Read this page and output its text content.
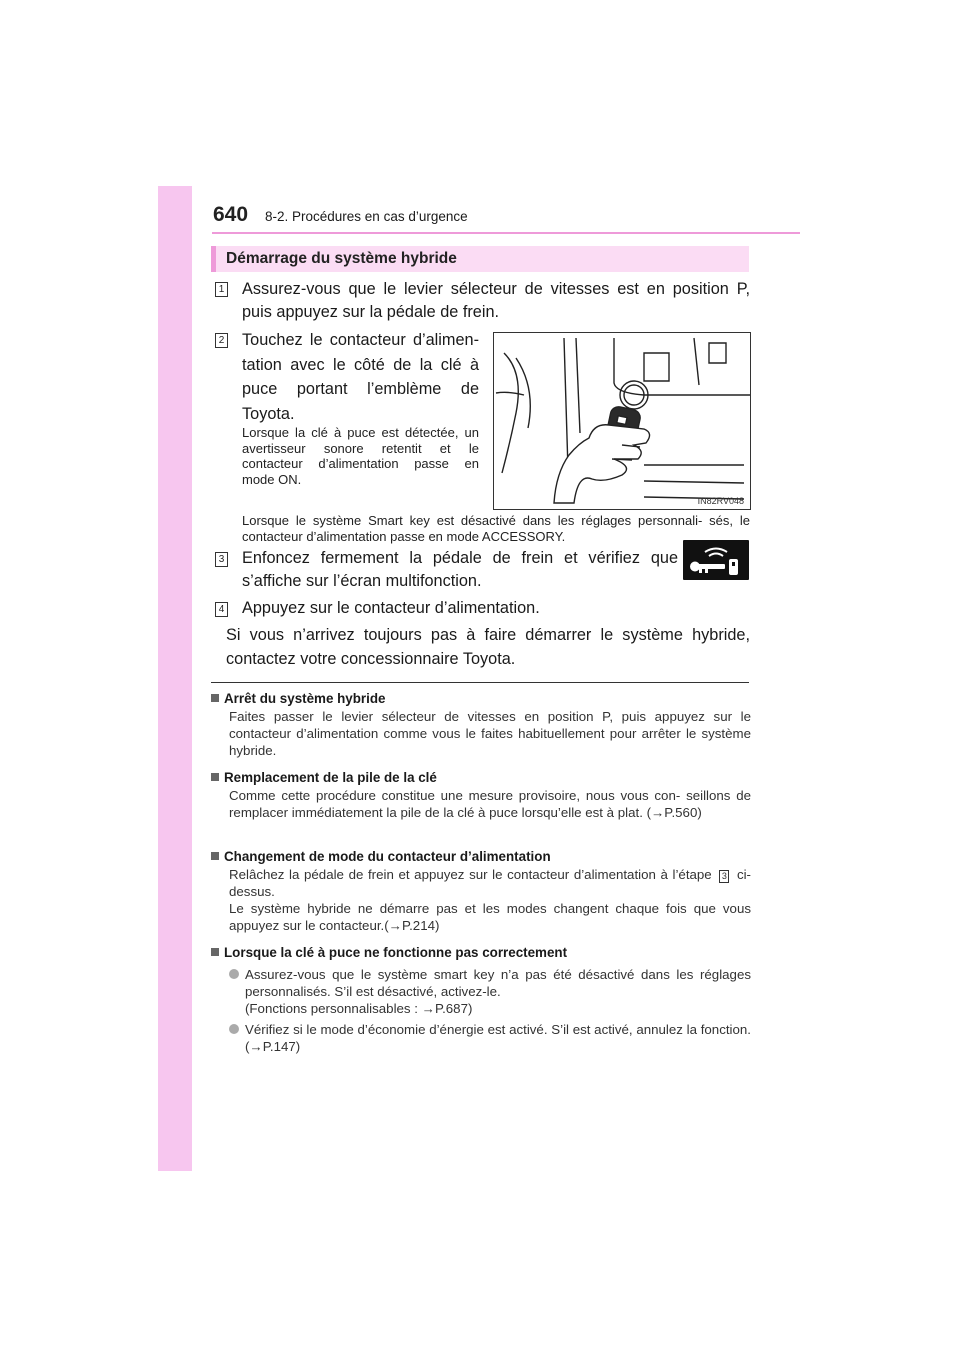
640 8-2. Procédures en cas d’urgence
Démarrage du système hybride
1 Assurez-vous que le levier sélecteur de vitesses est en position P, puis appuyez sur la pédale de frein.
2 Touchez le contacteur d’alimen- tation avec le côté de la clé à puce portant l’emblème de Toyota.
Lorsque la clé à puce est détectée, un avertisseur sonore retentit et le contacteur d’alimentation passe en mode ON.
IN82RV048
Lorsque le système Smart key est désactivé dans les réglages personnali- sés, le contacteur d’alimentation passe en mode ACCESSORY.
3 Enfoncez fermement la pédale de frein et vérifiez que s’affiche sur l’écran multifonction.
4 Appuyez sur le contacteur d’alimentation.
Si vous n’arrivez toujours pas à faire démarrer le système hybride, contactez votre concessionnaire Toyota.
Arrêt du système hybride
Faites passer le levier sélecteur de vitesses en position P, puis appuyez sur le contacteur d’alimentation comme vous le faites habituellement pour arrêter le système hybride.
Remplacement de la pile de la clé
Comme cette procédure constitue une mesure provisoire, nous vous con- seillons de remplacer immédiatement la pile de la clé à puce lorsqu’elle est à plat. (→P.560)
Changement de mode du contacteur d’alimentation
Relâchez la pédale de frein et appuyez sur le contacteur d’alimentation à l’étape 3 ci-dessus.
Le système hybride ne démarre pas et les modes changent chaque fois que vous appuyez sur le contacteur.(→P.214)
Lorsque la clé à puce ne fonctionne pas correctement
Assurez-vous que le système smart key n’a pas été désactivé dans les réglages personnalisés. S’il est désactivé, activez-le.
(Fonctions personnalisables : →P.687)
Vérifiez si le mode d’économie d’énergie est activé. S’il est activé, annulez la fonction. (→P.147)
